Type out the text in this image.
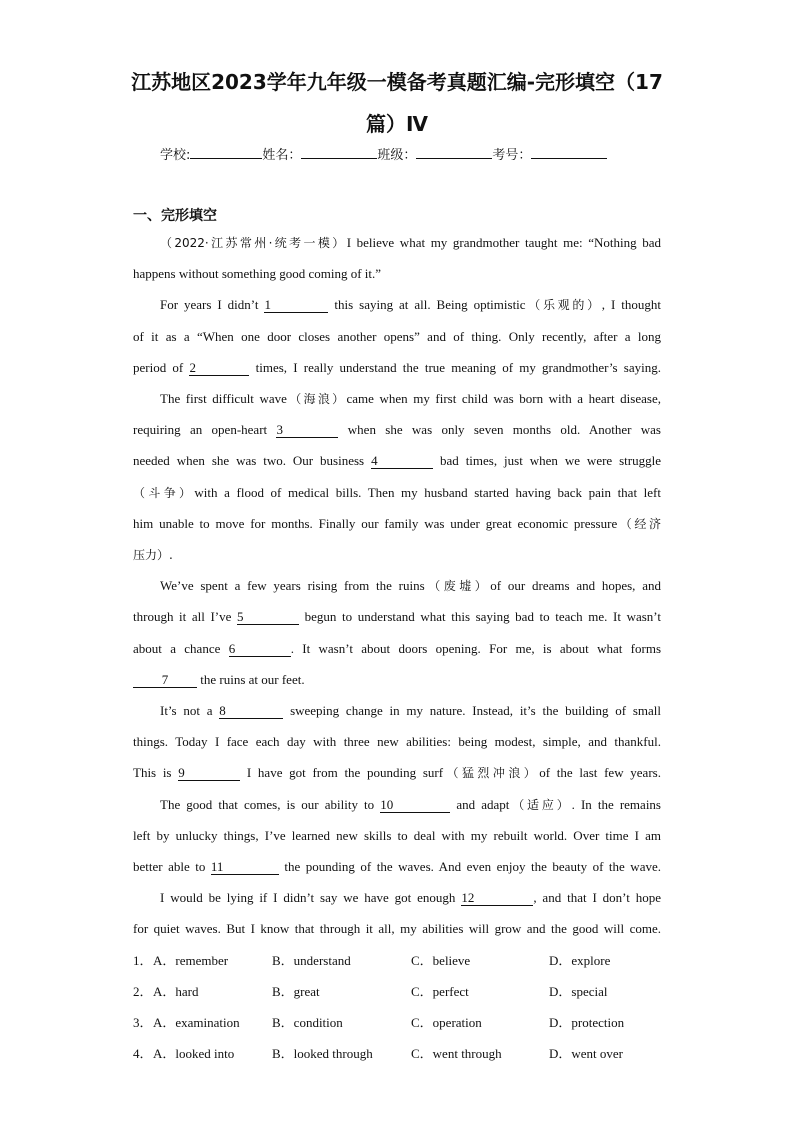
江苏地区2023学年九年级一模备考真题汇编-完形填空（17
篇）Ⅳ
学校:	姓名：	班级：	考号：
一、完形填空
（2022·江苏常州·统考一模）I believe what my grandmother taught me: “Nothing bad
happens without something good coming of it.”
For years I didn’t 1	this saying at all. Being optimistic（乐观的）, I thought
of it as a “When one door closes another opens” and of thing. Only recently, after a long
period of 2	times, I really understand the true meaning of my grandmother’s saying.
The first difficult wave（海浪）came when my first child was born with a heart disease,
requiring an open-heart 3	when she was only seven months old. Another was
needed when she was two. Our business 4	bad times, just when we were struggle
（斗争）with a flood of medical bills. Then my husband started having back pain that left
him unable to move for months. Finally our family was under great economic pressure（经济
压力）.
We’ve spent a few years rising from the ruins（废墟）of our dreams and hopes, and
through it all I’ve 5	begun to understand what this saying bad to teach me. It wasn’t
about a chance 6	. It wasn’t about doors opening. For me, is about what forms
7 the ruins at our feet.
It’s not a 8	sweeping change in my nature. Instead, it’s the building of small
things. Today I face each day with three new abilities: being modest, simple, and thankful.
This is 9	I have got from the pounding surf（猛烈冲浪）of the last few years.
The good that comes, is our ability to 10	and adapt（适应）. In the remains
left by unlucky things, I’ve learned new skills to deal with my rebuilt world. Over time I am
better able to 11	the pounding of the waves. And even enjoy the beauty of the wave.
I would be lying if I didn’t say we have got enough 12	, and that I don’t hope
for quiet waves. But I know that through it all, my abilities will grow and the good will come.
1． A．remember	B．understand	C．believe	D．explore
2． A．hard	B．great	C．perfect	D．special
3． A．examination B．condition	C．operation	D．protection
4． A．looked into	B．looked through	C．went through	D．went over
